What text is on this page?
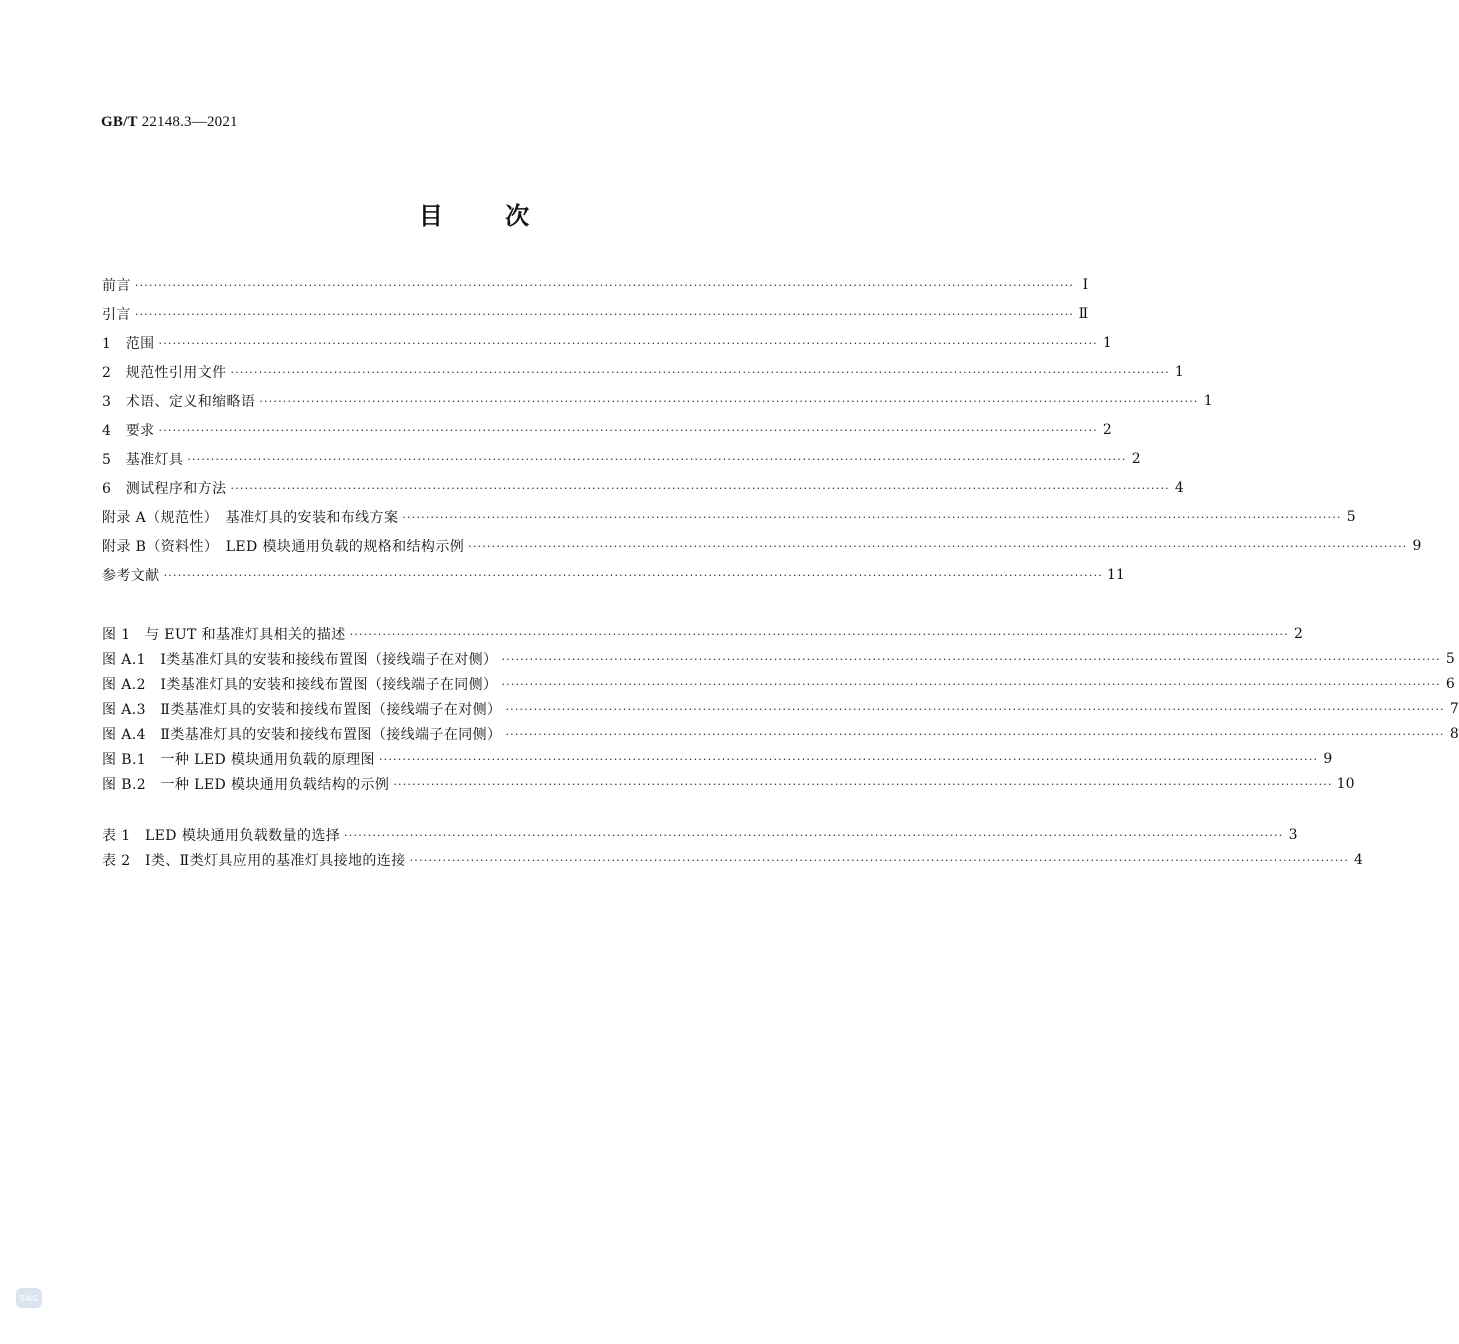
GB/T 22148.3—2021
目	次
前言 ········································································································································································································ Ⅰ
引言 ········································································································································································································ Ⅱ
1　范围 ········································································································································································································ 1
2　规范性引用文件 ········································································································································································································ 1
3　术语、定义和缩略语 ········································································································································································································ 1
4　要求 ········································································································································································································ 2
5　基准灯具 ········································································································································································································ 2
6　测试程序和方法 ········································································································································································································ 4
附录 A（规范性）　基准灯具的安装和布线方案 ········································································································································································································ 5
附录 B（资料性）　LED 模块通用负载的规格和结构示例 ········································································································································································································ 9
参考文献 ········································································································································································································ 11
图 1　与 EUT 和基准灯具相关的描述 ········································································································································································································ 2
图 A.1　Ⅰ类基准灯具的安装和接线布置图（接线端子在对侧） ········································································································································································································ 5
图 A.2　Ⅰ类基准灯具的安装和接线布置图（接线端子在同侧） ········································································································································································································ 6
图 A.3　Ⅱ类基准灯具的安装和接线布置图（接线端子在对侧） ········································································································································································································ 7
图 A.4　Ⅱ类基准灯具的安装和接线布置图（接线端子在同侧） ········································································································································································································ 8
图 B.1　一种 LED 模块通用负载的原理图 ········································································································································································································ 9
图 B.2　一种 LED 模块通用负载结构的示例 ········································································································································································································ 10
表 1　LED 模块通用负载数量的选择 ········································································································································································································ 3
表 2　Ⅰ类、Ⅱ类灯具应用的基准灯具接地的连接 ········································································································································································································ 4
SAC
